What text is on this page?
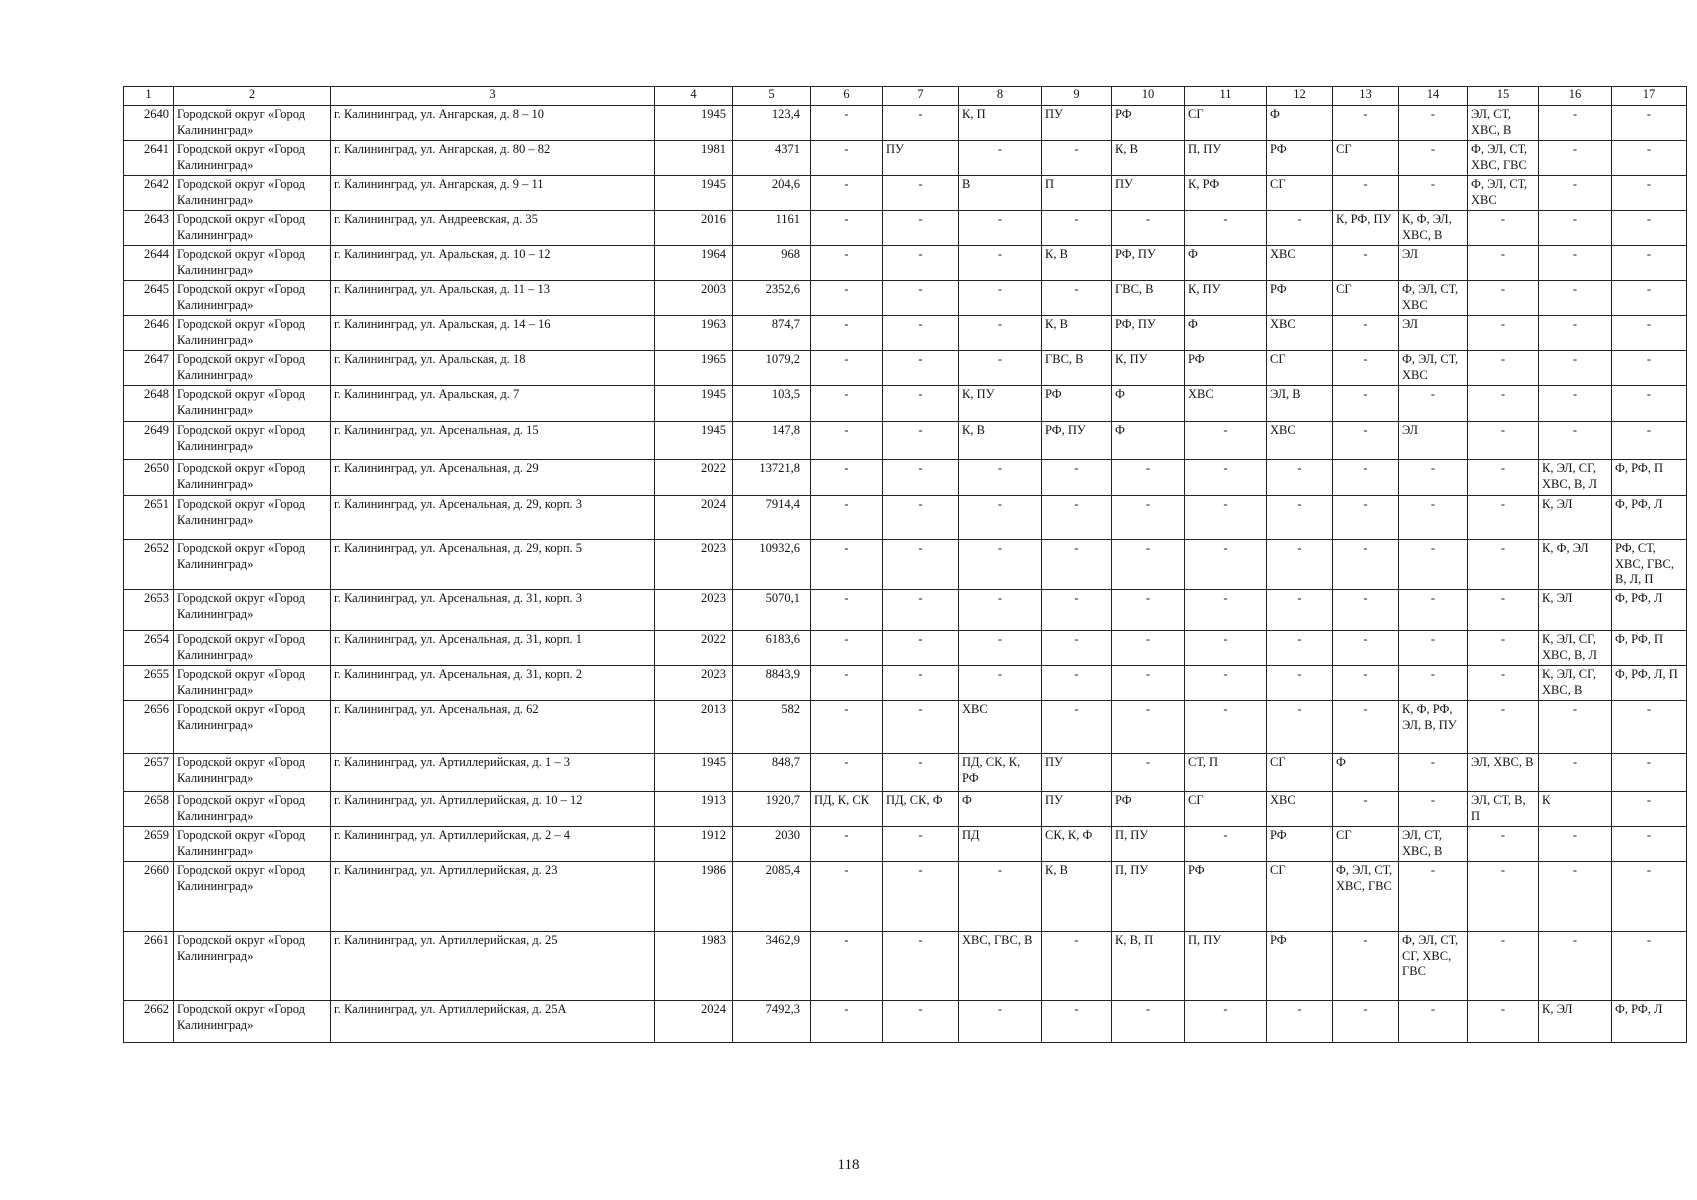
1	2	3	4	5	6	7	8	9	10	11	12	13	14	15	16	17
2640	Городской округ «Город Калининград»	г. Калининград, ул. Ангарская, д. 8 – 10	1945	123,4	-	-	К, П	ПУ	РФ	СГ	Ф	-	-	ЭЛ, СТ, ХВС, В	-	-
2641	Городской округ «Город Калининград»	г. Калининград, ул. Ангарская, д. 80 – 82	1981	4371	-	ПУ	-	-	К, В	П, ПУ	РФ	СГ	-	Ф, ЭЛ, СТ, ХВС, ГВС	-	-
2642	Городской округ «Город Калининград»	г. Калининград, ул. Ангарская, д. 9 – 11	1945	204,6	-	-	В	П	ПУ	К, РФ	СГ	-	-	Ф, ЭЛ, СТ, ХВС	-	-
2643	Городской округ «Город Калининград»	г. Калининград, ул. Андреевская, д. 35	2016	1161	-	-	-	-	-	-	-	К, РФ, ПУ	К, Ф, ЭЛ, ХВС, В	-	-	-
2644	Городской округ «Город Калининград»	г. Калининград, ул. Аральская, д. 10 – 12	1964	968	-	-	-	К, В	РФ, ПУ	Ф	ХВС	-	ЭЛ	-	-	-
2645	Городской округ «Город Калининград»	г. Калининград, ул. Аральская, д. 11 – 13	2003	2352,6	-	-	-	-	ГВС, В	К, ПУ	РФ	СГ	Ф, ЭЛ, СТ, ХВС	-	-	-
2646	Городской округ «Город Калининград»	г. Калининград, ул. Аральская, д. 14 – 16	1963	874,7	-	-	-	К, В	РФ, ПУ	Ф	ХВС	-	ЭЛ	-	-	-
2647	Городской округ «Город Калининград»	г. Калининград, ул. Аральская, д. 18	1965	1079,2	-	-	-	ГВС, В	К, ПУ	РФ	СГ	-	Ф, ЭЛ, СТ, ХВС	-	-	-
2648	Городской округ «Город Калининград»	г. Калининград, ул. Аральская, д. 7	1945	103,5	-	-	К, ПУ	РФ	Ф	ХВС	ЭЛ, В	-	-	-	-	-
2649	Городской округ «Город Калининград»	г. Калининград, ул. Арсенальная, д. 15	1945	147,8	-	-	К, В	РФ, ПУ	Ф	-	ХВС	-	ЭЛ	-	-	-
2650	Городской округ «Город Калининград»	г. Калининград, ул. Арсенальная, д. 29	2022	13721,8	-	-	-	-	-	-	-	-	-	-	К, ЭЛ, СГ, ХВС, В, Л	Ф, РФ, П
2651	Городской округ «Город Калининград»	г. Калининград, ул. Арсенальная, д. 29, корп. 3	2024	7914,4	-	-	-	-	-	-	-	-	-	-	К, ЭЛ	Ф, РФ, Л
2652	Городской округ «Город Калининград»	г. Калининград, ул. Арсенальная, д. 29, корп. 5	2023	10932,6	-	-	-	-	-	-	-	-	-	-	К, Ф, ЭЛ	РФ, СТ, ХВС, ГВС, В, Л, П
2653	Городской округ «Город Калининград»	г. Калининград, ул. Арсенальная, д. 31, корп. 3	2023	5070,1	-	-	-	-	-	-	-	-	-	-	К, ЭЛ	Ф, РФ, Л
2654	Городской округ «Город Калининград»	г. Калининград, ул. Арсенальная, д. 31, корп. 1	2022	6183,6	-	-	-	-	-	-	-	-	-	-	К, ЭЛ, СГ, ХВС, В, Л	Ф, РФ, П
2655	Городской округ «Город Калининград»	г. Калининград, ул. Арсенальная, д. 31, корп. 2	2023	8843,9	-	-	-	-	-	-	-	-	-	-	К, ЭЛ, СГ, ХВС, В	Ф, РФ, Л, П
2656	Городской округ «Город Калининград»	г. Калининград, ул. Арсенальная, д. 62	2013	582	-	-	ХВС	-	-	-	-	-	К, Ф, РФ, ЭЛ, В, ПУ	-	-	-
2657	Городской округ «Город Калининград»	г. Калининград, ул. Артиллерийская, д. 1 – 3	1945	848,7	-	-	ПД, СК, К, РФ	ПУ	-	СТ, П	СГ	Ф	-	ЭЛ, ХВС, В	-	-
2658	Городской округ «Город Калининград»	г. Калининград, ул. Артиллерийская, д. 10 – 12	1913	1920,7	ПД, К, СК	ПД, СК, Ф	Ф	ПУ	РФ	СГ	ХВС	-	-	ЭЛ, СТ, В, П	К	-
2659	Городской округ «Город Калининград»	г. Калининград, ул. Артиллерийская, д. 2 – 4	1912	2030	-	-	ПД	СК, К, Ф	П, ПУ	-	РФ	СГ	ЭЛ, СТ, ХВС, В	-	-	-
2660	Городской округ «Город Калининград»	г. Калининград, ул. Артиллерийская, д. 23	1986	2085,4	-	-	-	К, В	П, ПУ	РФ	СГ	Ф, ЭЛ, СТ, ХВС, ГВС	-	-	-	-
2661	Городской округ «Город Калининград»	г. Калининград, ул. Артиллерийская, д. 25	1983	3462,9	-	-	ХВС, ГВС, В	-	К, В, П	П, ПУ	РФ	-	Ф, ЭЛ, СТ, СГ, ХВС, ГВС	-	-	-
2662	Городской округ «Город Калининград»	г. Калининград, ул. Артиллерийская, д. 25А	2024	7492,3	-	-	-	-	-	-	-	-	-	-	К, ЭЛ	Ф, РФ, Л
118
